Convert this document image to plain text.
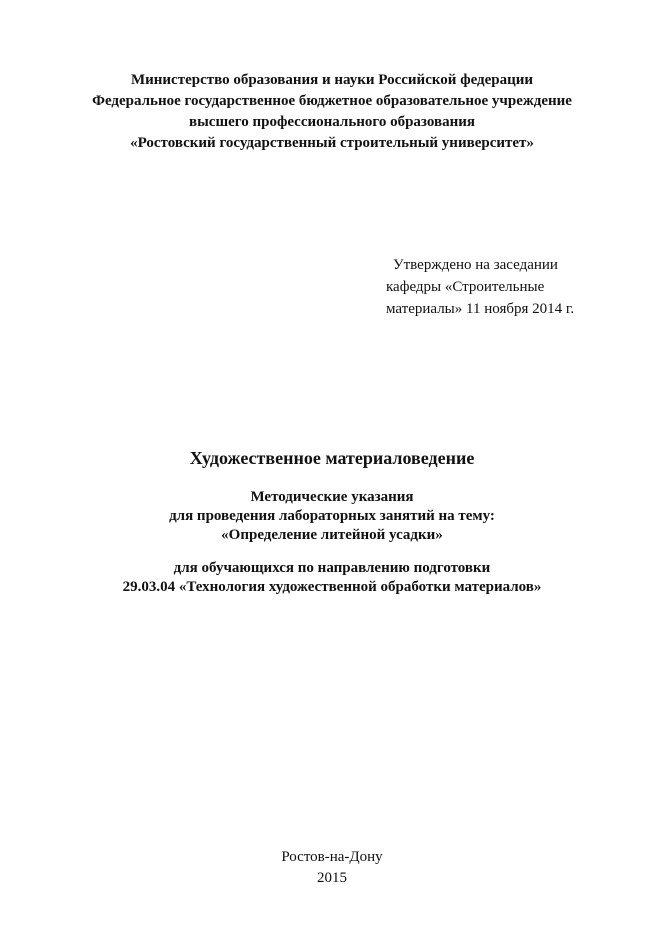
Министерство образования и науки Российской федерации
Федеральное государственное бюджетное образовательное учреждение
высшего профессионального образования
«Ростовский государственный строительный университет»
Утверждено на заседании
кафедры «Строительные
материалы» 11 ноября 2014 г.
Художественное материаловедение
Методические указания
для проведения лабораторных занятий на тему:
«Определение литейной усадки»
для обучающихся по направлению подготовки
29.03.04 «Технология художественной обработки материалов»
Ростов-на-Дону
2015
